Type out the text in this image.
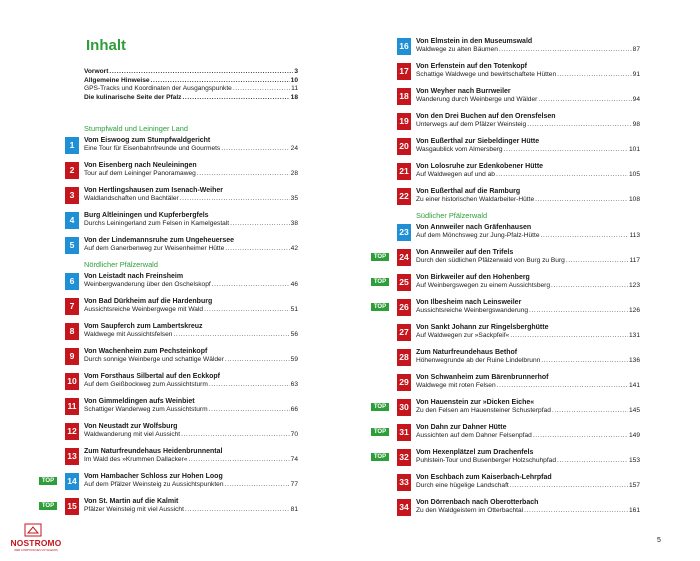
Inhalt
Vorwort .....	3
Allgemeine Hinweise .....	10
GPS-Tracks und Koordinaten der Ausgangspunkte .....	11
Die kulinarische Seite der Pfalz .....	18
Stumpfwald und Leininger Land
1	Vom Eiswoog zum Stumpfwaldgericht
Eine Tour für Eisenbahnfreunde und Gourmets .....	24
2	Von Eisenberg nach Neuleiningen
Tour auf dem Leininger Panoramaweg .....	28
3	Von Hertlingshausen zum Isenach-Weiher
Waldlandschaften und Bachtäler .....	35
4	Burg Altleiningen und Kupferbergfels
Durchs Leiningerland zum Felsen in Kamelgestalt .....	38
5	Von der Lindemannsruhe zum Ungeheuersee
Auf dem Ganerbenweg zur Weisenheimer Hütte .....	42
Nördlicher Pfälzerwald
6	Von Leistadt nach Freinsheim
Weinbergwanderung über den Oschelskopf .....	46
7	Von Bad Dürkheim auf die Hardenburg
Aussichtsreiche Weinbergwege mit Wald .....	51
8	Vom Saupferch zum Lambertskreuz
Waldwege mit Aussichtsfelsen .....	56
9	Von Wachenheim zum Pechsteinkopf
Durch sonnige Weinberge und schattige Wälder .....	59
10	Vom Forsthaus Silbertal auf den Eckkopf
Auf dem Geißbockweg zum Aussichtsturm .....	63
11	Von Gimmeldingen aufs Weinbiet
Schattiger Wanderweg zum Aussichtsturm .....	66
12	Von Neustadt zur Wolfsburg
Waldwanderung mit viel Aussicht .....	70
13	Zum Naturfreundehaus Heidenbrunnental
Im Wald des »Krummen Dallacker« .....	74
TOP	14	Vom Hambacher Schloss zur Hohen Loog
Auf dem Pfälzer Weinsteig zu Aussichtspunkten .....	77
TOP	15	Von St. Martin auf die Kalmit
Pfälzer Weinsteig mit viel Aussicht .....	81
16	Von Elmstein in den Museumswald
Waldwege zu alten Bäumen .....	87
17	Von Erfenstein auf den Totenkopf
Schattige Waldwege und bewirtschaftete Hütten .....	91
18	Von Weyher nach Burrweiler
Wanderung durch Weinberge und Wälder .....	94
19	Von den Drei Buchen auf den Orensfelsen
Unterwegs auf dem Pfälzer Weinsteig .....	98
20	Von Eußerthal zur Siebeldinger Hütte
Wasgaublick vom Almersberg .....	101
21	Von Lolosruhe zur Edenkobener Hütte
Auf Waldwegen auf und ab .....	105
22	Von Eußerthal auf die Ramburg
Zu einer historischen Waldarbeiter-Hütte .....	108
Südlicher Pfälzerwald
23	Von Annweiler nach Gräfenhausen
Auf dem Mönchsweg zur Jung-Pfalz-Hütte .....	113
TOP	24	Von Annweiler auf den Trifels
Durch den südlichen Pfälzerwald von Burg zu Burg .....	117
TOP	25	Von Birkweiler auf den Hohenberg
Auf Weinbergswegen zu einem Aussichtsberg .....	123
TOP	26	Von Ilbesheim nach Leinsweiler
Aussichtsreiche Weinbergswanderung .....	126
27	Von Sankt Johann zur Ringelsberghütte
Auf Waldwegen zur »Sackpfeif« .....	131
28	Zum Naturfreundehaus Bethof
Höhenwegrunde ab der Ruine Lindelbrunn .....	136
29	Von Schwanheim zum Bärenbrunnerhof
Waldwege mit roten Felsen .....	141
TOP	30	Von Hauenstein zur »Dicken Eiche«
Zu den Felsen am Hauensteiner Schusterpfad .....	145
TOP	31	Von Dahn zur Dahner Hütte
Aussichten auf dem Dahner Felsenpfad .....	149
TOP	32	Vom Hexenplätzel zum Drachenfels
Puhlstein-Tour und Busenberger Holzschuhpfad .....	153
33	Von Eschbach zum Kaiserbach-Lehrpfad
Durch eine hügelige Landschaft .....	157
34	Von Dörrenbach nach Oberotterbach
Zu den Waldgeistern im Otterbachtal .....	161
NOSTROMO
WEB COMPTOIR DES VOYAGEURS
5
